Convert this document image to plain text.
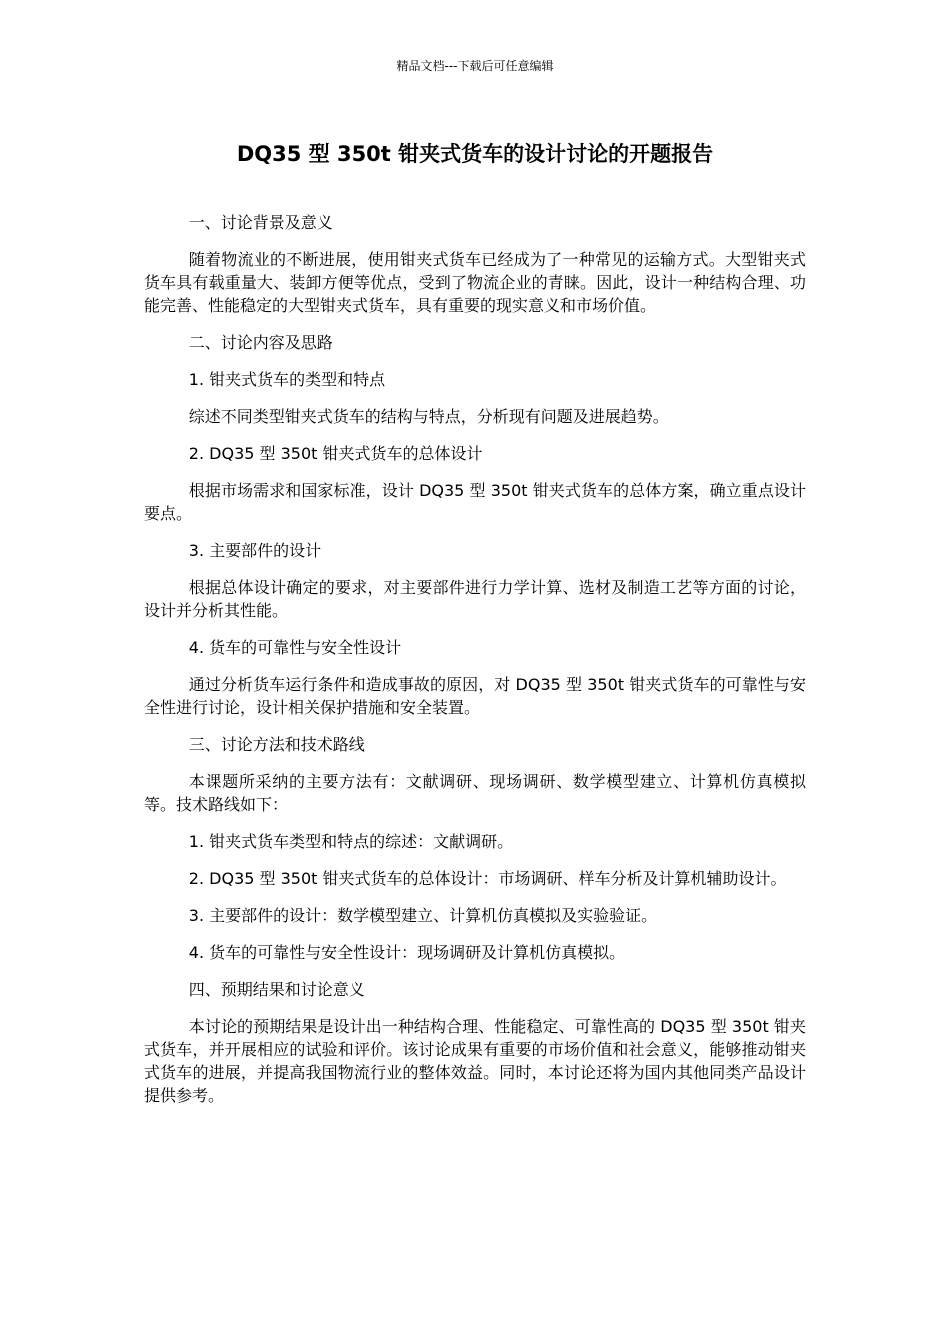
精品文档---下载后可任意编辑
DQ35 型 350t 钳夹式货车的设计讨论的开题报告

一、讨论背景及意义

随着物流业的不断进展，使用钳夹式货车已经成为了一种常见的运输方式。大型钳夹式货车具有载重量大、装卸方便等优点，受到了物流企业的青睐。因此，设计一种结构合理、功能完善、性能稳定的大型钳夹式货车，具有重要的现实意义和市场价值。

二、讨论内容及思路

1. 钳夹式货车的类型和特点

综述不同类型钳夹式货车的结构与特点，分析现有问题及进展趋势。

2. DQ35 型 350t 钳夹式货车的总体设计

根据市场需求和国家标准，设计 DQ35 型 350t 钳夹式货车的总体方案，确立重点设计要点。

3. 主要部件的设计

根据总体设计确定的要求，对主要部件进行力学计算、选材及制造工艺等方面的讨论，设计并分析其性能。

4. 货车的可靠性与安全性设计

通过分析货车运行条件和造成事故的原因，对 DQ35 型 350t 钳夹式货车的可靠性与安全性进行讨论，设计相关保护措施和安全装置。

三、讨论方法和技术路线

本课题所采纳的主要方法有：文献调研、现场调研、数学模型建立、计算机仿真模拟等。技术路线如下：

1. 钳夹式货车类型和特点的综述：文献调研。

2. DQ35 型 350t 钳夹式货车的总体设计：市场调研、样车分析及计算机辅助设计。

3. 主要部件的设计：数学模型建立、计算机仿真模拟及实验验证。

4. 货车的可靠性与安全性设计：现场调研及计算机仿真模拟。

四、预期结果和讨论意义

本讨论的预期结果是设计出一种结构合理、性能稳定、可靠性高的 DQ35 型 350t 钳夹式货车，并开展相应的试验和评价。该讨论成果有重要的市场价值和社会意义，能够推动钳夹式货车的进展，并提高我国物流行业的整体效益。同时，本讨论还将为国内其他同类产品设计提供参考。
